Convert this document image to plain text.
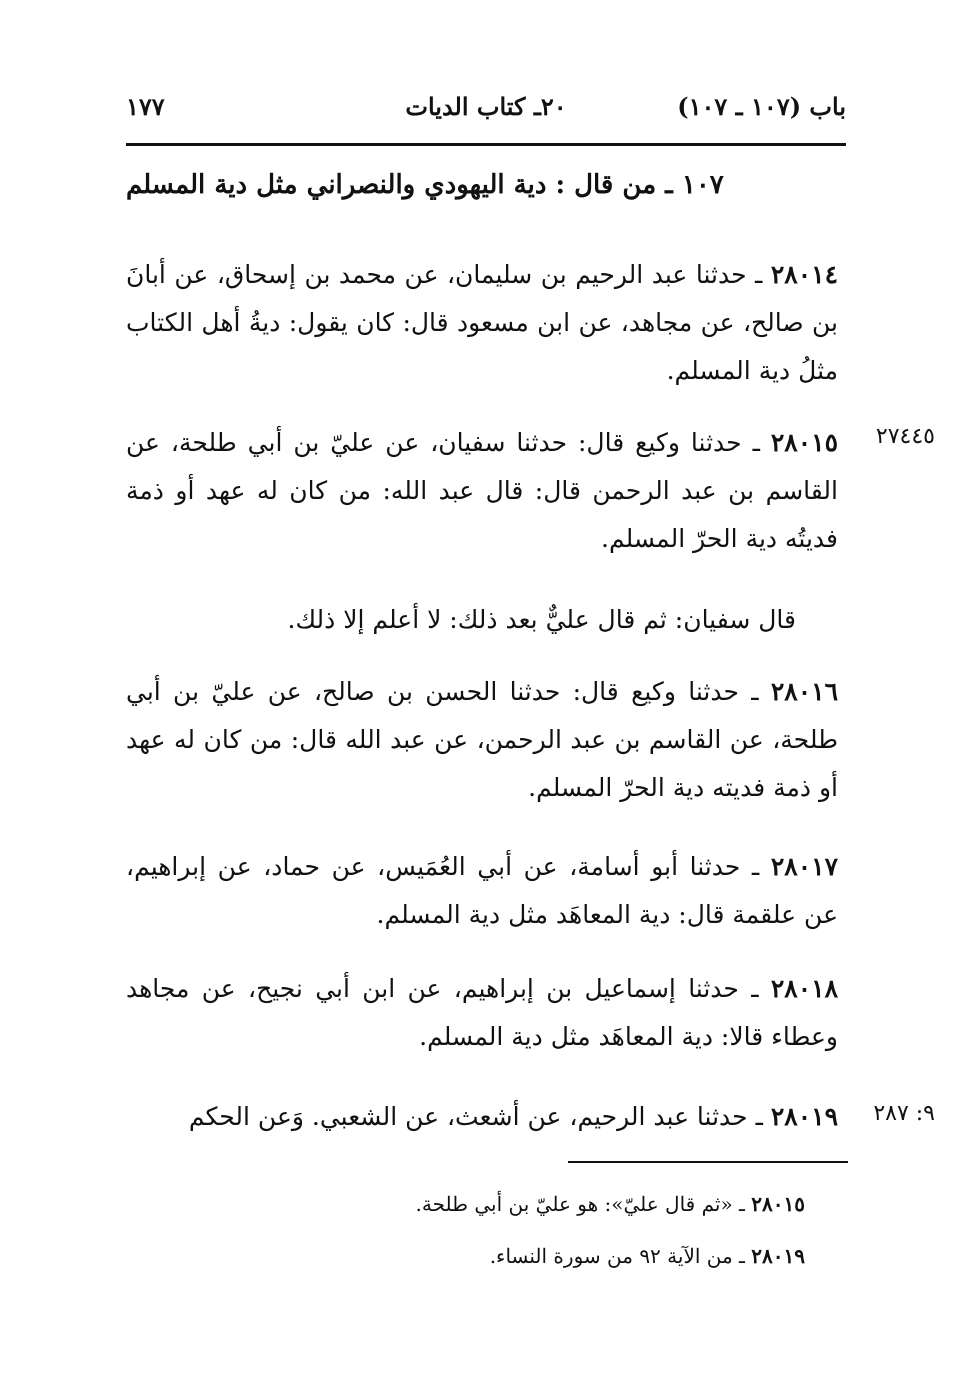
باب (١٠٧ ـ ١٠٧)
٢٠ـ كتاب الديات
١٧٧
١٠٧ ـ من قال : دية اليهودي والنصراني مثل دية المسلم
٢٨٠١٤ ـ حدثنا عبد الرحيم بن سليمان، عن محمد بن إسحاق، عن أبانَ بن صالح، عن مجاهد، عن ابن مسعود قال: كان يقول: ديةُ أهل الكتاب مثلُ دية المسلم.
٢٧٤٤٥
٢٨٠١٥ ـ حدثنا وكيع قال: حدثنا سفيان، عن عليّ بن أبي طلحة، عن القاسم بن عبد الرحمن قال: قال عبد الله: من كان له عهد أو ذمة فديتُه دية الحرّ المسلم.
قال سفيان: ثم قال عليٌّ بعد ذلك: لا أعلم إلا ذلك.
٢٨٠١٦ ـ حدثنا وكيع قال: حدثنا الحسن بن صالح، عن عليّ بن أبي طلحة، عن القاسم بن عبد الرحمن، عن عبد الله قال: من كان له عهد أو ذمة فديته دية الحرّ المسلم.
٢٨٠١٧ ـ حدثنا أبو أسامة، عن أبي العُمَيس، عن حماد، عن إبراهيم، عن علقمة قال: دية المعاهَد مثل دية المسلم.
٢٨٠١٨ ـ حدثنا إسماعيل بن إبراهيم، عن ابن أبي نجيح، عن مجاهد وعطاء قالا: دية المعاهَد مثل دية المسلم.
٩: ٢٨٧
٢٨٠١٩ ـ حدثنا عبد الرحيم، عن أشعث، عن الشعبي. وَعن الحكم
٢٨٠١٥ ـ «ثم قال عليّ»: هو عليّ بن أبي طلحة.
٢٨٠١٩ ـ من الآية ٩٢ من سورة النساء.
